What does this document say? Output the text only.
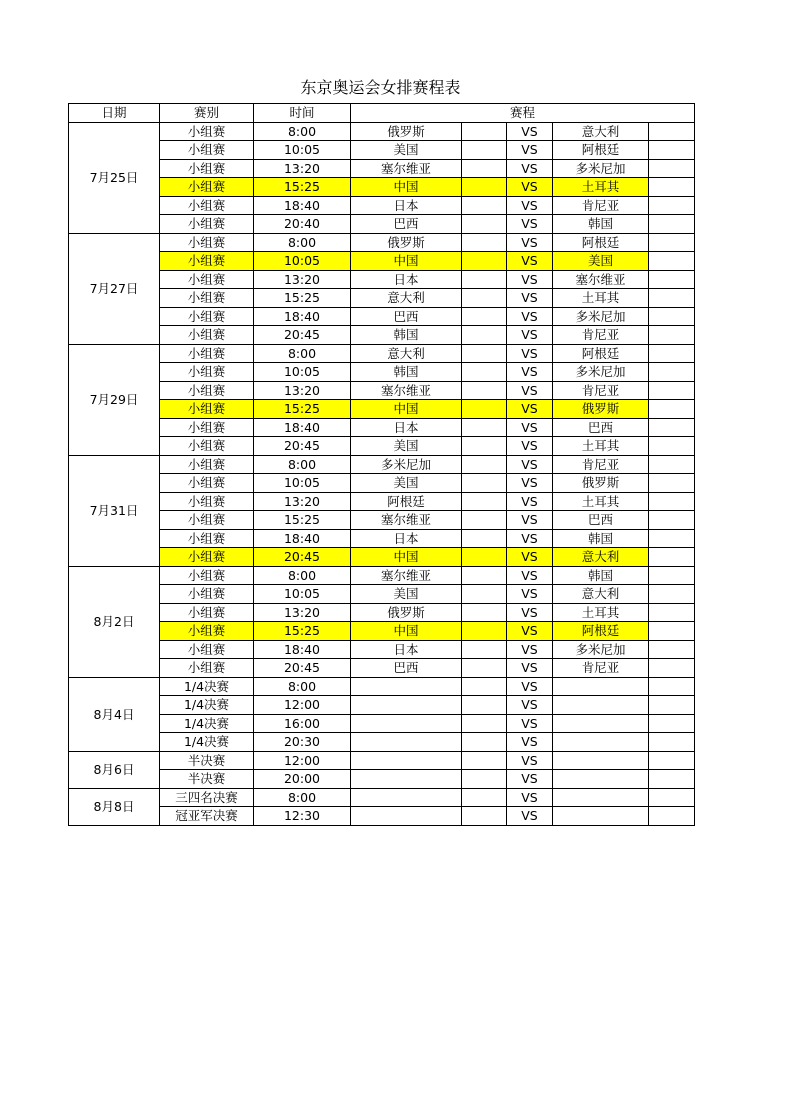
东京奥运会女排赛程表
日期	赛别	时间	赛程				
7月25日	小组赛	8:00	俄罗斯		VS	意大利	
	小组赛	10:05	美国		VS	阿根廷	
	小组赛	13:20	塞尔维亚		VS	多米尼加	
	小组赛	15:25	中国		VS	土耳其	
	小组赛	18:40	日本		VS	肯尼亚	
	小组赛	20:40	巴西		VS	韩国	
7月27日	小组赛	8:00	俄罗斯		VS	阿根廷	
	小组赛	10:05	中国		VS	美国	
	小组赛	13:20	日本		VS	塞尔维亚	
	小组赛	15:25	意大利		VS	土耳其	
	小组赛	18:40	巴西		VS	多米尼加	
	小组赛	20:45	韩国		VS	肯尼亚	
7月29日	小组赛	8:00	意大利		VS	阿根廷	
	小组赛	10:05	韩国		VS	多米尼加	
	小组赛	13:20	塞尔维亚		VS	肯尼亚	
	小组赛	15:25	中国		VS	俄罗斯	
	小组赛	18:40	日本		VS	巴西	
	小组赛	20:45	美国		VS	土耳其	
7月31日	小组赛	8:00	多米尼加		VS	肯尼亚	
	小组赛	10:05	美国		VS	俄罗斯	
	小组赛	13:20	阿根廷		VS	土耳其	
	小组赛	15:25	塞尔维亚		VS	巴西	
	小组赛	18:40	日本		VS	韩国	
	小组赛	20:45	中国		VS	意大利	
8月2日	小组赛	8:00	塞尔维亚		VS	韩国	
	小组赛	10:05	美国		VS	意大利	
	小组赛	13:20	俄罗斯		VS	土耳其	
	小组赛	15:25	中国		VS	阿根廷	
	小组赛	18:40	日本		VS	多米尼加	
	小组赛	20:45	巴西		VS	肯尼亚	
8月4日	1/4决赛	8:00			VS		
	1/4决赛	12:00			VS		
	1/4决赛	16:00			VS		
	1/4决赛	20:30			VS		
8月6日	半决赛	12:00			VS		
	半决赛	20:00			VS		
8月8日	三四名决赛	8:00			VS		
	冠亚军决赛	12:30			VS		
